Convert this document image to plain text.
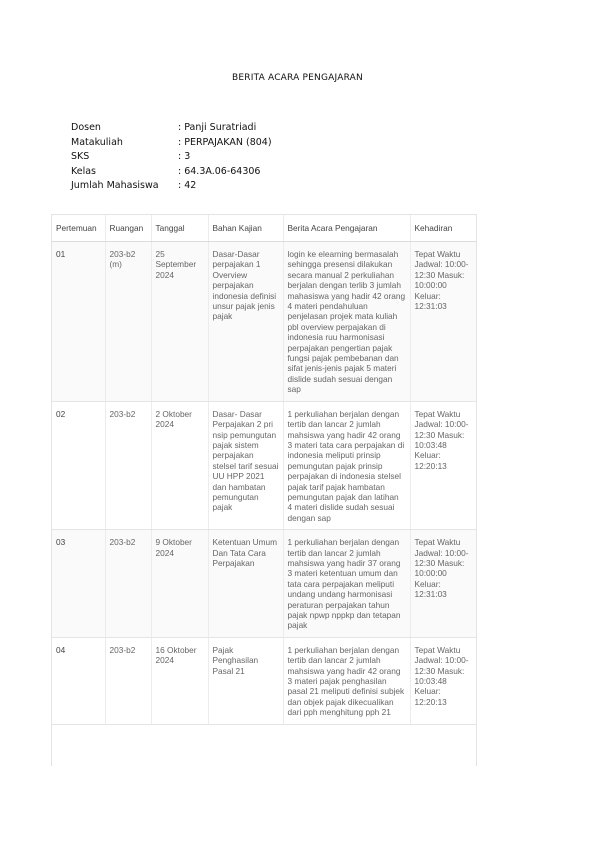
BERITA ACARA PENGAJARAN
Dosen	: Panji Suratriadi
Matakuliah	: PERPAJAKAN (804)
SKS	: 3
Kelas	: 64.3A.06-64306
Jumlah Mahasiswa	: 42
Pertemuan	Ruangan	Tanggal	Bahan Kajian	Berita Acara Pengajaran	Kehadiran
01	203-b2 (m)	25 September 2024	Dasar-Dasar perpajakan 1 Overview perpajakan indonesia definisi unsur pajak jenis pajak	login ke elearning bermasalah sehingga presensi dilakukan secara manual 2 perkuliahan berjalan dengan terlib 3 jumlah mahasiswa yang hadir 42 orang 4 materi pendahuluan penjelasan projek mata kuliah pbl overview perpajakan di indonesia ruu harmonisasi perpajakan pengertian pajak fungsi pajak pembebanan dan sifat jenis-jenis pajak 5 materi dislide sudah sesuai dengan sap	Tepat Waktu Jadwal: 10:00-12:30 Masuk: 10:00:00 Keluar: 12:31:03
02	203-b2	2 Oktober 2024	Dasar- Dasar Perpajakan 2 pri nsip pemungutan pajak sistem perpajakan stelsel tarif sesuai UU HPP 2021 dan hambatan pemungutan pajak	1 perkuliahan berjalan dengan tertib dan lancar 2 jumlah mahsiswa yang hadir 42 orang 3 materi tata cara perpajakan di indonesia meliputi prinsip pemungutan pajak prinsip perpajakan di indonesia stelsel pajak tarif pajak hambatan pemungutan pajak dan latihan 4 materi dislide sudah sesuai dengan sap	Tepat Waktu Jadwal: 10:00-12:30 Masuk: 10:03:48 Keluar: 12:20:13
03	203-b2	9 Oktober 2024	Ketentuan Umum Dan Tata Cara Perpajakan	1 perkuliahan berjalan dengan tertib dan lancar 2 jumlah mahsiswa yang hadir 37 orang 3 materi ketentuan umum dan tata cara perpajakan meliputi undang undang harmonisasi peraturan perpajakan tahun pajak npwp nppkp dan tetapan pajak	Tepat Waktu Jadwal: 10:00-12:30 Masuk: 10:00:00 Keluar: 12:31:03
04	203-b2	16 Oktober 2024	Pajak Penghasilan Pasal 21	1 perkuliahan berjalan dengan tertib dan lancar 2 jumlah mahsiswa yang hadir 42 orang 3 materi pajak penghasilan pasal 21 meliputi definisi subjek dan objek pajak dikecualikan dari pph menghitung pph 21	Tepat Waktu Jadwal: 10:00-12:30 Masuk: 10:03:48 Keluar: 12:20:13
